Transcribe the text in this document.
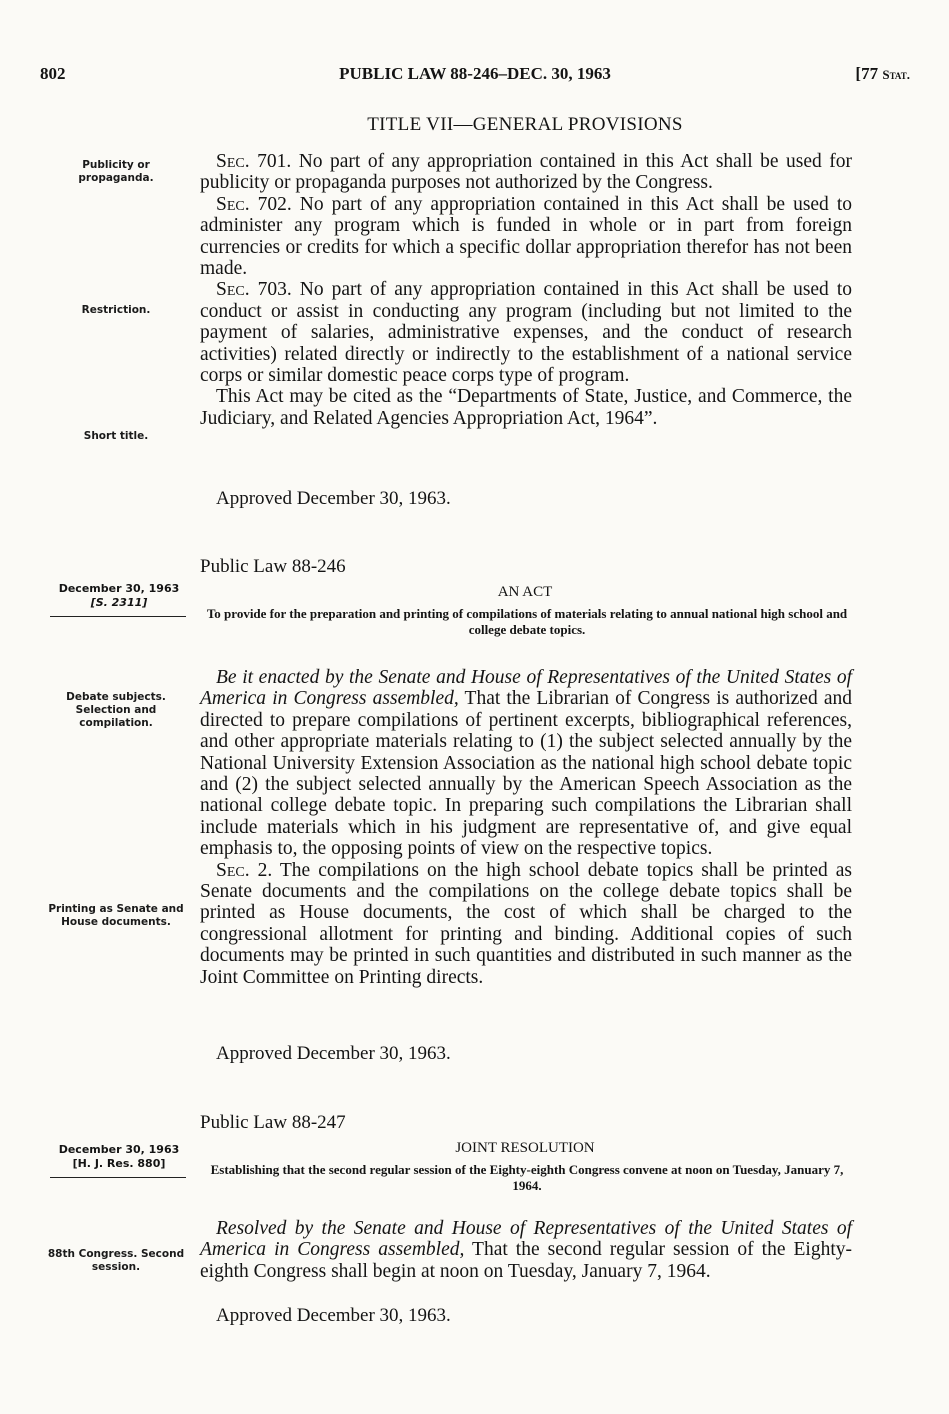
802	PUBLIC LAW 88-246–DEC. 30, 1963	[77 Stat.
TITLE VII—GENERAL PROVISIONS
Publicity or propaganda.
Restriction.
Short title.
Debate subjects. Selection and compilation.
Printing as Senate and House documents.
88th Congress. Second session.

Sec. 701. No part of any appropriation contained in this Act shall be used for publicity or propaganda purposes not authorized by the Congress.

Sec. 702. No part of any appropriation contained in this Act shall be used to administer any program which is funded in whole or in part from foreign currencies or credits for which a specific dollar appropriation therefor has not been made.

Sec. 703. No part of any appropriation contained in this Act shall be used to conduct or assist in conducting any program (including but not limited to the payment of salaries, administrative expenses, and the conduct of research activities) related directly or indirectly to the establishment of a national service corps or similar domestic peace corps type of program.

This Act may be cited as the “Departments of State, Justice, and Commerce, the Judiciary, and Related Agencies Appropriation Act, 1964”.

Approved December 30, 1963.
Public Law 88-246
December 30, 1963
[S. 2311]
AN ACT
To provide for the preparation and printing of compilations of materials relating to annual national high school and college debate topics.

Be it enacted by the Senate and House of Representatives of the United States of America in Congress assembled, That the Librarian of Congress is authorized and directed to prepare compilations of pertinent excerpts, bibliographical references, and other appropriate materials relating to (1) the subject selected annually by the National University Extension Association as the national high school debate topic and (2) the subject selected annually by the American Speech Association as the national college debate topic. In preparing such compilations the Librarian shall include materials which in his judgment are representative of, and give equal emphasis to, the opposing points of view on the respective topics.

Sec. 2. The compilations on the high school debate topics shall be printed as Senate documents and the compilations on the college debate topics shall be printed as House documents, the cost of which shall be charged to the congressional allotment for printing and binding. Additional copies of such documents may be printed in such quantities and distributed in such manner as the Joint Committee on Printing directs.

Approved December 30, 1963.
Public Law 88-247
December 30, 1963
[H. J. Res. 880]
JOINT RESOLUTION
Establishing that the second regular session of the Eighty-eighth Congress convene at noon on Tuesday, January 7, 1964.

Resolved by the Senate and House of Representatives of the United States of America in Congress assembled, That the second regular session of the Eighty-eighth Congress shall begin at noon on Tuesday, January 7, 1964.

Approved December 30, 1963.
